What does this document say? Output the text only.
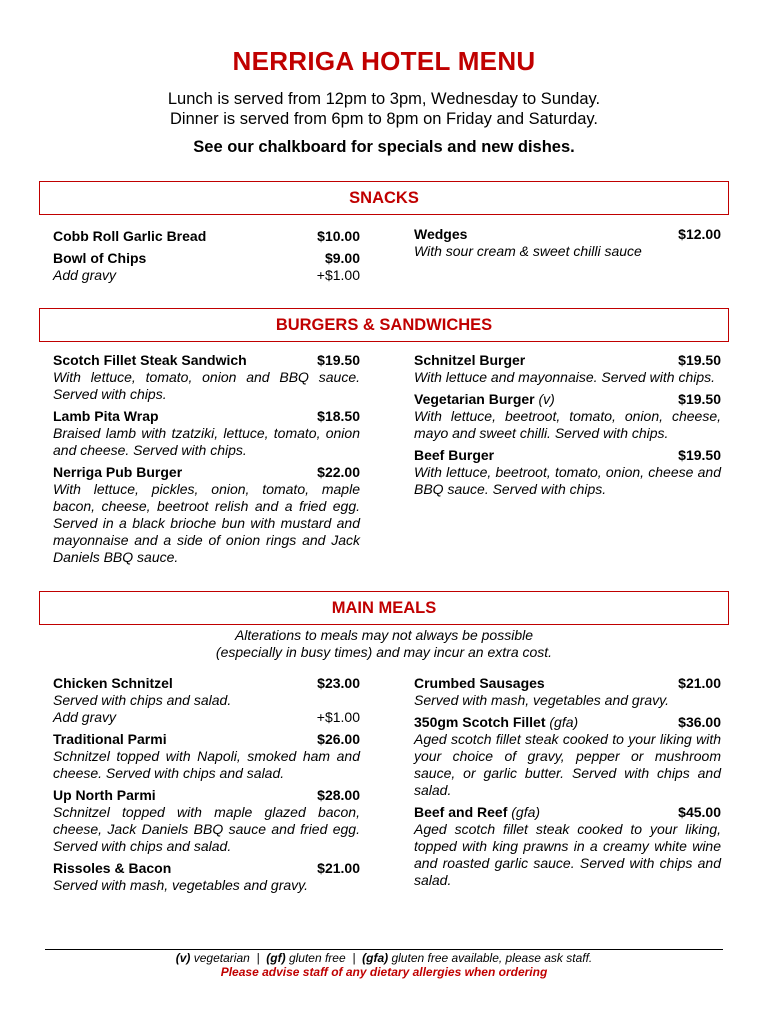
NERRIGA HOTEL MENU
Lunch is served from 12pm to 3pm, Wednesday to Sunday.
Dinner is served from 6pm to 8pm on Friday and Saturday.
See our chalkboard for specials and new dishes.
SNACKS
Cobb Roll Garlic Bread	$10.00
Bowl of Chips	$9.00
Add gravy	+$1.00
Wedges	$12.00
With sour cream & sweet chilli sauce
BURGERS & SANDWICHES
Scotch Fillet Steak Sandwich	$19.50
With lettuce, tomato, onion and BBQ sauce. Served with chips.
Lamb Pita Wrap	$18.50
Braised lamb with tzatziki, lettuce, tomato, onion and cheese. Served with chips.
Nerriga Pub Burger	$22.00
With lettuce, pickles, onion, tomato, maple bacon, cheese, beetroot relish and a fried egg. Served in a black brioche bun with mustard and mayonnaise and a side of onion rings and Jack Daniels BBQ sauce.
Schnitzel Burger	$19.50
With lettuce and mayonnaise. Served with chips.
Vegetarian Burger (v)	$19.50
With lettuce, beetroot, tomato, onion, cheese, mayo and sweet chilli. Served with chips.
Beef Burger	$19.50
With lettuce, beetroot, tomato, onion, cheese and BBQ sauce. Served with chips.
MAIN MEALS
Alterations to meals may not always be possible
(especially in busy times) and may incur an extra cost.
Chicken Schnitzel	$23.00
Served with chips and salad.
Add gravy	+$1.00
Traditional Parmi	$26.00
Schnitzel topped with Napoli, smoked ham and cheese. Served with chips and salad.
Up North Parmi	$28.00
Schnitzel topped with maple glazed bacon, cheese, Jack Daniels BBQ sauce and fried egg. Served with chips and salad.
Rissoles & Bacon	$21.00
Served with mash, vegetables and gravy.
Crumbed Sausages	$21.00
Served with mash, vegetables and gravy.
350gm Scotch Fillet (gfa)	$36.00
Aged scotch fillet steak cooked to your liking with your choice of gravy, pepper or mushroom sauce, or garlic butter. Served with chips and salad.
Beef and Reef (gfa)	$45.00
Aged scotch fillet steak cooked to your liking, topped with king prawns in a creamy white wine and roasted garlic sauce. Served with chips and salad.
(v) vegetarian | (gf) gluten free | (gfa) gluten free available, please ask staff.
Please advise staff of any dietary allergies when ordering
